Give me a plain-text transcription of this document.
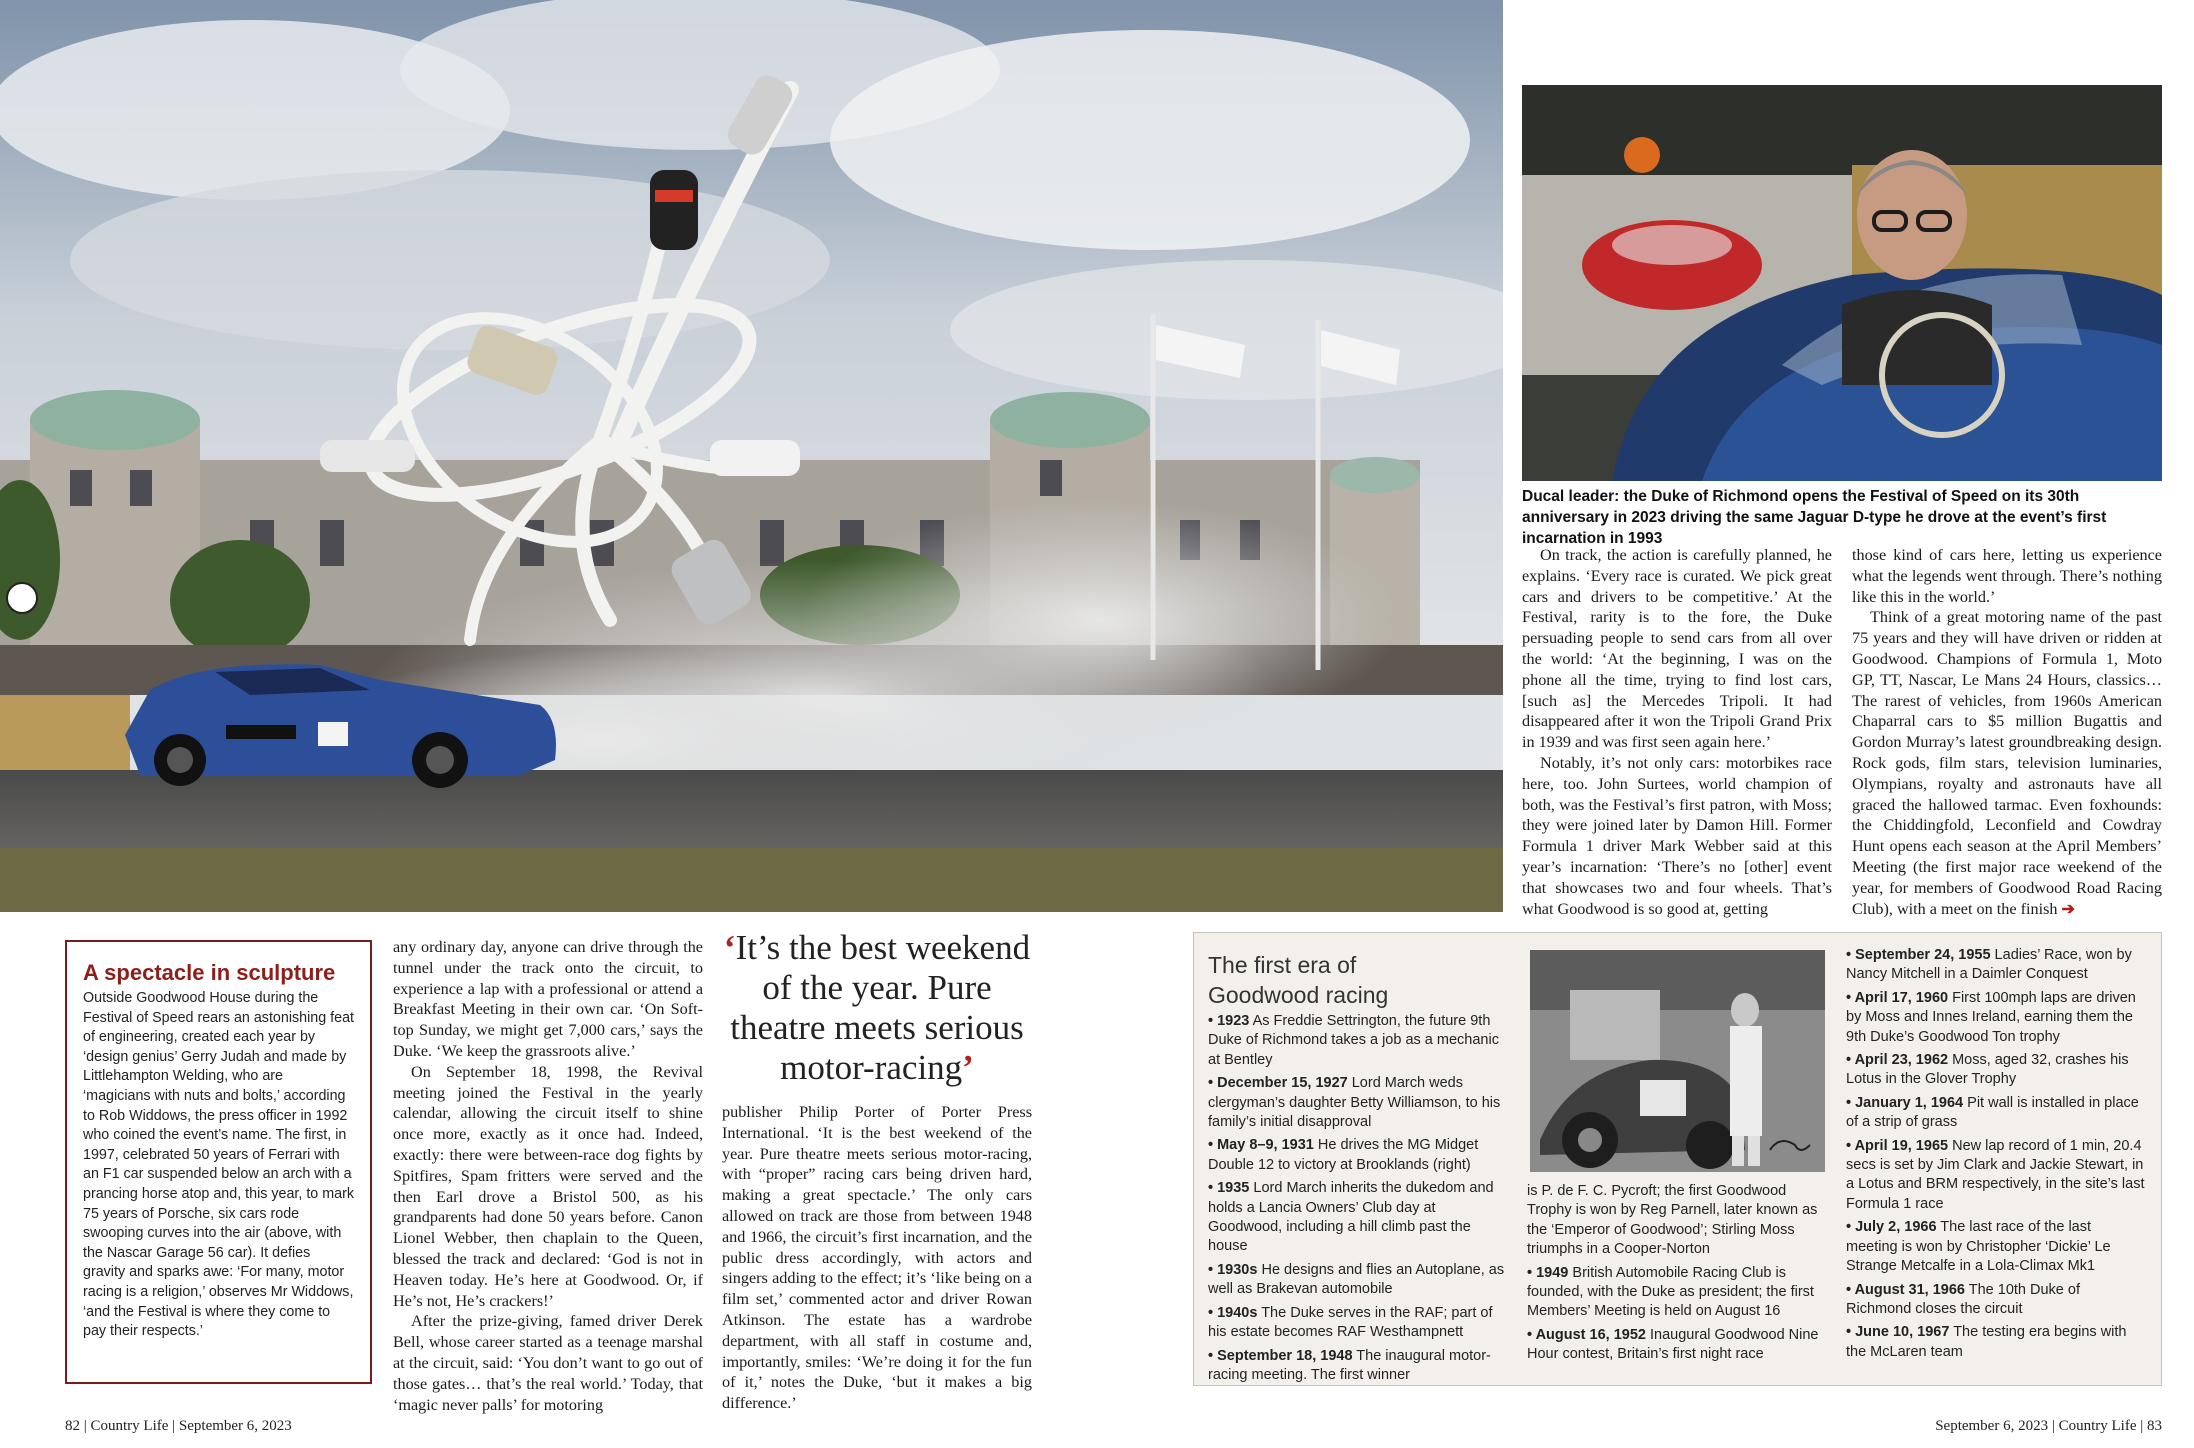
Ducal leader: the Duke of Richmond opens the Festival of Speed on its 30th anniversary in 2023 driving the same Jaguar D-type he drove at the event’s first incarnation in 1993

On track, the action is carefully planned, he explains. ‘Every race is curated. We pick great cars and drivers to be competitive.’ At the Festival, rarity is to the fore, the Duke persuading people to send cars from all over the world: ‘At the beginning, I was on the phone all the time, trying to find lost cars, [such as] the Mercedes Tripoli. It had disappeared after it won the Tripoli Grand Prix in 1939 and was first seen again here.’

Notably, it’s not only cars: motorbikes race here, too. John Surtees, world champion of both, was the Festival’s first patron, with Moss; they were joined later by Damon Hill. Former Formula 1 driver Mark Webber said at this year’s incarnation: ‘There’s no [other] event that showcases two and four wheels. That’s what Goodwood is so good at, getting

those kind of cars here, letting us experience what the legends went through. There’s nothing like this in the world.’

Think of a great motoring name of the past 75 years and they will have driven or ridden at Goodwood. Champions of Formula 1, Moto GP, TT, Nascar, Le Mans 24 Hours, classics… The rarest of vehicles, from 1960s American Chaparral cars to $5 million Bugattis and Gordon Murray’s latest groundbreaking design. Rock gods, film stars, television luminaries, Olympians, royalty and astronauts have all graced the hallowed tarmac. Even foxhounds: the Chiddingfold, Leconfield and Cowdray Hunt opens each season at the April Members’ Meeting (the first major race weekend of the year, for members of Goodwood Road Racing Club), with a meet on the finish ➔

A spectacle in sculpture
Outside Goodwood House during the Festival of Speed rears an astonishing feat of engineering, created each year by ‘design genius’ Gerry Judah and made by Littlehampton Welding, who are ‘magicians with nuts and bolts,’ according to Rob Widdows, the press officer in 1992 who coined the event’s name. The first, in 1997, celebrated 50 years of Ferrari with an F1 car suspended below an arch with a prancing horse atop and, this year, to mark 75 years of Porsche, six cars rode swooping curves into the air (above, with the Nascar Garage 56 car). It defies gravity and sparks awe: ‘For many, motor racing is a religion,’ observes Mr Widdows, ‘and the Festival is where they come to pay their respects.’

any ordinary day, anyone can drive through the tunnel under the track onto the circuit, to experience a lap with a professional or attend a Breakfast Meeting in their own car. ‘On Soft-top Sunday, we might get 7,000 cars,’ says the Duke. ‘We keep the grassroots alive.’

On September 18, 1998, the Revival meeting joined the Festival in the yearly calendar, allowing the circuit itself to shine once more, exactly as it once had. Indeed, exactly: there were between-race dog fights by Spitfires, Spam fritters were served and the then Earl drove a Bristol 500, as his grandparents had done 50 years before. Canon Lionel Webber, then chaplain to the Queen, blessed the track and declared: ‘God is not in Heaven today. He’s here at Goodwood. Or, if He’s not, He’s crackers!’

After the prize-giving, famed driver Derek Bell, whose career started as a teenage marshal at the circuit, said: ‘You don’t want to go out of those gates… that’s the real world.’ Today, that ‘magic never palls’ for motoring

‘It’s the best weekend of the year. Pure theatre meets serious motor-racing’

publisher Philip Porter of Porter Press International. ‘It is the best weekend of the year. Pure theatre meets serious motor-racing, with “proper” racing cars being driven hard, making a great spectacle.’ The only cars allowed on track are those from between 1948 and 1966, the circuit’s first incarnation, and the public dress accordingly, with actors and singers adding to the effect; it’s ‘like being on a film set,’ commented actor and driver Rowan Atkinson. The estate has a wardrobe department, with all staff in costume and, importantly, smiles: ‘We’re doing it for the fun of it,’ notes the Duke, ‘but it makes a big difference.’

The first era of Goodwood racing
• 1923 As Freddie Settrington, the future 9th Duke of Richmond takes a job as a mechanic at Bentley
• December 15, 1927 Lord March weds clergyman’s daughter Betty Williamson, to his family’s initial disapproval
• May 8–9, 1931 He drives the MG Midget Double 12 to victory at Brooklands (right)
• 1935 Lord March inherits the dukedom and holds a Lancia Owners’ Club day at Goodwood, including a hill climb past the house
• 1930s He designs and flies an Autoplane, as well as Brakevan automobile
• 1940s The Duke serves in the RAF; part of his estate becomes RAF Westhampnett
• September 18, 1948 The inaugural motor-racing meeting. The first winner
is P. de F. C. Pycroft; the first Goodwood Trophy is won by Reg Parnell, later known as the ‘Emperor of Goodwood’; Stirling Moss triumphs in a Cooper-Norton
• 1949 British Automobile Racing Club is founded, with the Duke as president; the first Members’ Meeting is held on August 16
• August 16, 1952 Inaugural Goodwood Nine Hour contest, Britain’s first night race
• September 24, 1955 Ladies’ Race, won by Nancy Mitchell in a Daimler Conquest
• April 17, 1960 First 100mph laps are driven by Moss and Innes Ireland, earning them the 9th Duke’s Goodwood Ton trophy
• April 23, 1962 Moss, aged 32, crashes his Lotus in the Glover Trophy
• January 1, 1964 Pit wall is installed in place of a strip of grass
• April 19, 1965 New lap record of 1 min, 20.4 secs is set by Jim Clark and Jackie Stewart, in a Lotus and BRM respectively, in the site’s last Formula 1 race
• July 2, 1966 The last race of the last meeting is won by Christopher ‘Dickie’ Le Strange Metcalfe in a Lola-Climax Mk1
• August 31, 1966 The 10th Duke of Richmond closes the circuit
• June 10, 1967 The testing era begins with the McLaren team
82 | Country Life | September 6, 2023	September 6, 2023 | Country Life | 83
